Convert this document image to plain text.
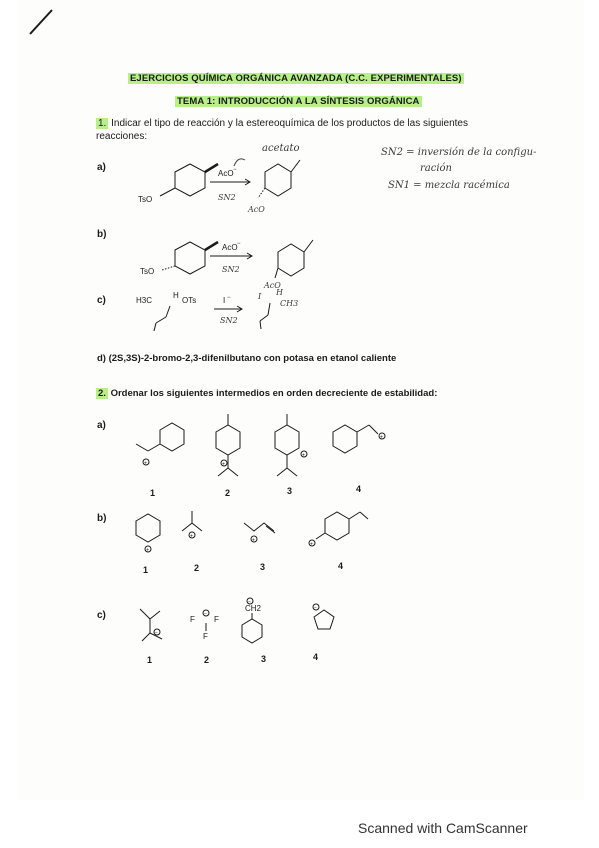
EJERCICIOS QUÍMICA ORGÁNICA AVANZADA (C.C. EXPERIMENTALES)
TEMA 1: INTRODUCCIÓN A LA SÍNTESIS ORGÁNICA
1. Indicar el tipo de reacción y la estereoquímica de los productos de las siguientes
reacciones:
acetato	SN2 = inversión de la configu-
ración
SN1 = mezcla racémica
a)
TsO
AcO −
SN2
AcO
b)
TsO
AcO −
SN2
AcO
c)	H3C
H
OTs	I −
SN2
I H
CH3
d) (2S,3S)-2-bromo-2,3-difenilbutano con potasa en etanol caliente
2. Ordenar los siguientes intermedios en orden decreciente de estabilidad:
a)
+	+
+
+
1	2	3	4
b)
+
+
+
+
1	2	3	4
c)
−
F F
F
−
CH2
−
−
1	2	3	4
Scanned with CamScanner
